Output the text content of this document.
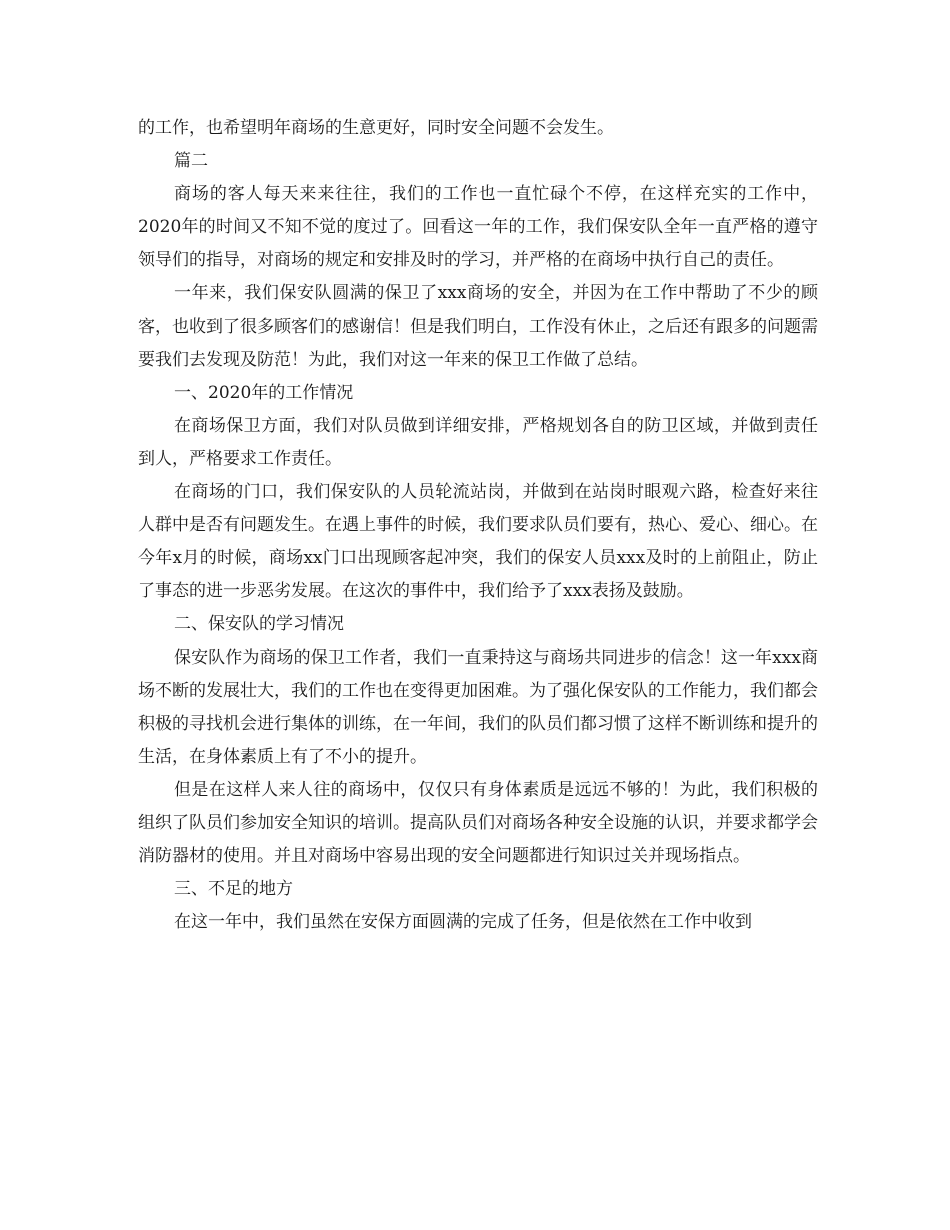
的工作，也希望明年商场的生意更好，同时安全问题不会发生。

篇二

商场的客人每天来来往往，我们的工作也一直忙碌个不停，在这样充实的工作中，2020年的时间又不知不觉的度过了。回看这一年的工作，我们保安队全年一直严格的遵守领导们的指导，对商场的规定和安排及时的学习，并严格的在商场中执行自己的责任。

一年来，我们保安队圆满的保卫了xxx商场的安全，并因为在工作中帮助了不少的顾客，也收到了很多顾客们的感谢信！但是我们明白，工作没有休止，之后还有跟多的问题需要我们去发现及防范！为此，我们对这一年来的保卫工作做了总结。

一、2020年的工作情况

在商场保卫方面，我们对队员做到详细安排，严格规划各自的防卫区域，并做到责任到人，严格要求工作责任。

在商场的门口，我们保安队的人员轮流站岗，并做到在站岗时眼观六路，检查好来往人群中是否有问题发生。在遇上事件的时候，我们要求队员们要有，热心、爱心、细心。在今年x月的时候，商场xx门口出现顾客起冲突，我们的保安人员xxx及时的上前阻止，防止了事态的进一步恶劣发展。在这次的事件中，我们给予了xxx表扬及鼓励。

二、保安队的学习情况

保安队作为商场的保卫工作者，我们一直秉持这与商场共同进步的信念！这一年xxx商场不断的发展壮大，我们的工作也在变得更加困难。为了强化保安队的工作能力，我们都会积极的寻找机会进行集体的训练，在一年间，我们的队员们都习惯了这样不断训练和提升的生活，在身体素质上有了不小的提升。

但是在这样人来人往的商场中，仅仅只有身体素质是远远不够的！为此，我们积极的组织了队员们参加安全知识的培训。提高队员们对商场各种安全设施的认识，并要求都学会消防器材的使用。并且对商场中容易出现的安全问题都进行知识过关并现场指点。

三、不足的地方

在这一年中，我们虽然在安保方面圆满的完成了任务，但是依然在工作中收到
